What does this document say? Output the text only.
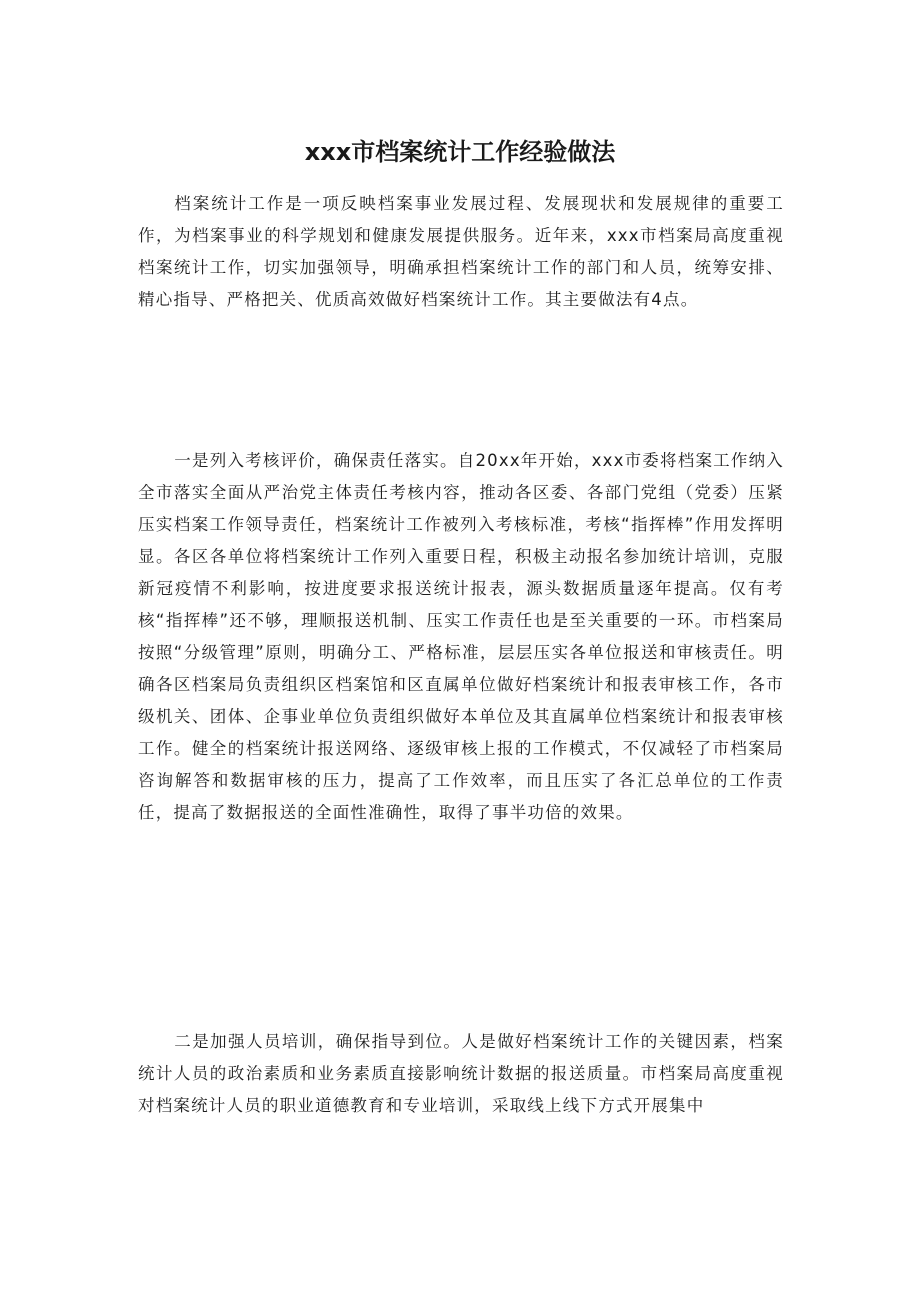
xxx市档案统计工作经验做法

档案统计工作是一项反映档案事业发展过程、发展现状和发展规律的重要工作，为档案事业的科学规划和健康发展提供服务。近年来，xxx市档案局高度重视档案统计工作，切实加强领导，明确承担档案统计工作的部门和人员，统筹安排、精心指导、严格把关、优质高效做好档案统计工作。其主要做法有4点。

一是列入考核评价，确保责任落实。自20xx年开始，xxx市委将档案工作纳入全市落实全面从严治党主体责任考核内容，推动各区委、各部门党组（党委）压紧压实档案工作领导责任，档案统计工作被列入考核标准，考核“指挥棒”作用发挥明显。各区各单位将档案统计工作列入重要日程，积极主动报名参加统计培训，克服新冠疫情不利影响，按进度要求报送统计报表，源头数据质量逐年提高。仅有考核“指挥棒”还不够，理顺报送机制、压实工作责任也是至关重要的一环。市档案局按照“分级管理”原则，明确分工、严格标准，层层压实各单位报送和审核责任。明确各区档案局负责组织区档案馆和区直属单位做好档案统计和报表审核工作，各市级机关、团体、企事业单位负责组织做好本单位及其直属单位档案统计和报表审核工作。健全的档案统计报送网络、逐级审核上报的工作模式，不仅减轻了市档案局咨询解答和数据审核的压力，提高了工作效率，而且压实了各汇总单位的工作责任，提高了数据报送的全面性准确性，取得了事半功倍的效果。

二是加强人员培训，确保指导到位。人是做好档案统计工作的关键因素，档案统计人员的政治素质和业务素质直接影响统计数据的报送质量。市档案局高度重视对档案统计人员的职业道德教育和专业培训，采取线上线下方式开展集中
